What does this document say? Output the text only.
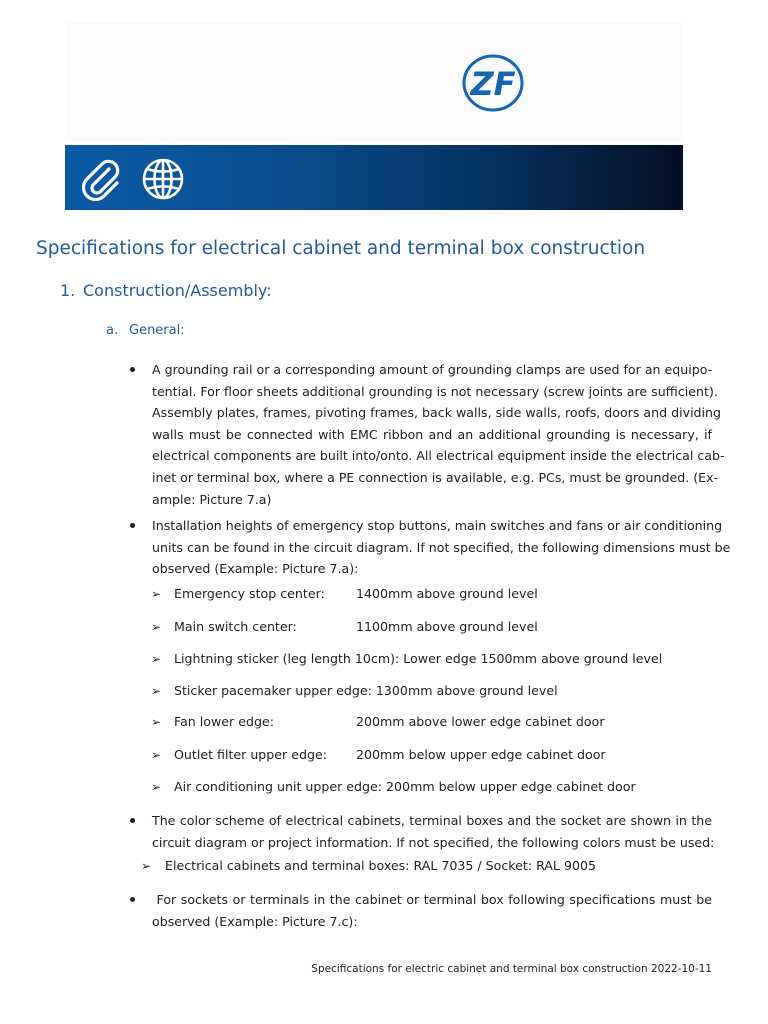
ZF
Specifications for electrical cabinet and terminal box construction
1. Construction/Assembly:
a. General:
A grounding rail or a corresponding amount of grounding clamps are used for an equipo-
tential. For floor sheets additional grounding is not necessary (screw joints are sufficient).
Assembly plates, frames, pivoting frames, back walls, side walls, roofs, doors and dividing
walls must be connected with EMC ribbon and an additional grounding is necessary, if
electrical components are built into/onto. All electrical equipment inside the electrical cab-
inet or terminal box, where a PE connection is available, e.g. PCs, must be grounded. (Ex-
ample: Picture 7.a)
Installation heights of emergency stop buttons, main switches and fans or air conditioning
units can be found in the circuit diagram. If not specified, the following dimensions must be
observed (Example: Picture 7.a):
➢ Emergency stop center: 1400mm above ground level
➢ Main switch center:	1100mm above ground level
➢ Lightning sticker (leg length 10cm): Lower edge 1500mm above ground level
➢ Sticker pacemaker upper edge: 1300mm above ground level
➢ Fan lower edge:	200mm above lower edge cabinet door
➢ Outlet filter upper edge: 200mm below upper edge cabinet door
➢ Air conditioning unit upper edge: 200mm below upper edge cabinet door
The color scheme of electrical cabinets, terminal boxes and the socket are shown in the
circuit diagram or project information. If not specified, the following colors must be used:
➢ Electrical cabinets and terminal boxes: RAL 7035 / Socket: RAL 9005
For sockets or terminals in the cabinet or terminal box following specifications must be
observed (Example: Picture 7.c):
Specifications for electric cabinet and terminal box construction 2022-10-11
